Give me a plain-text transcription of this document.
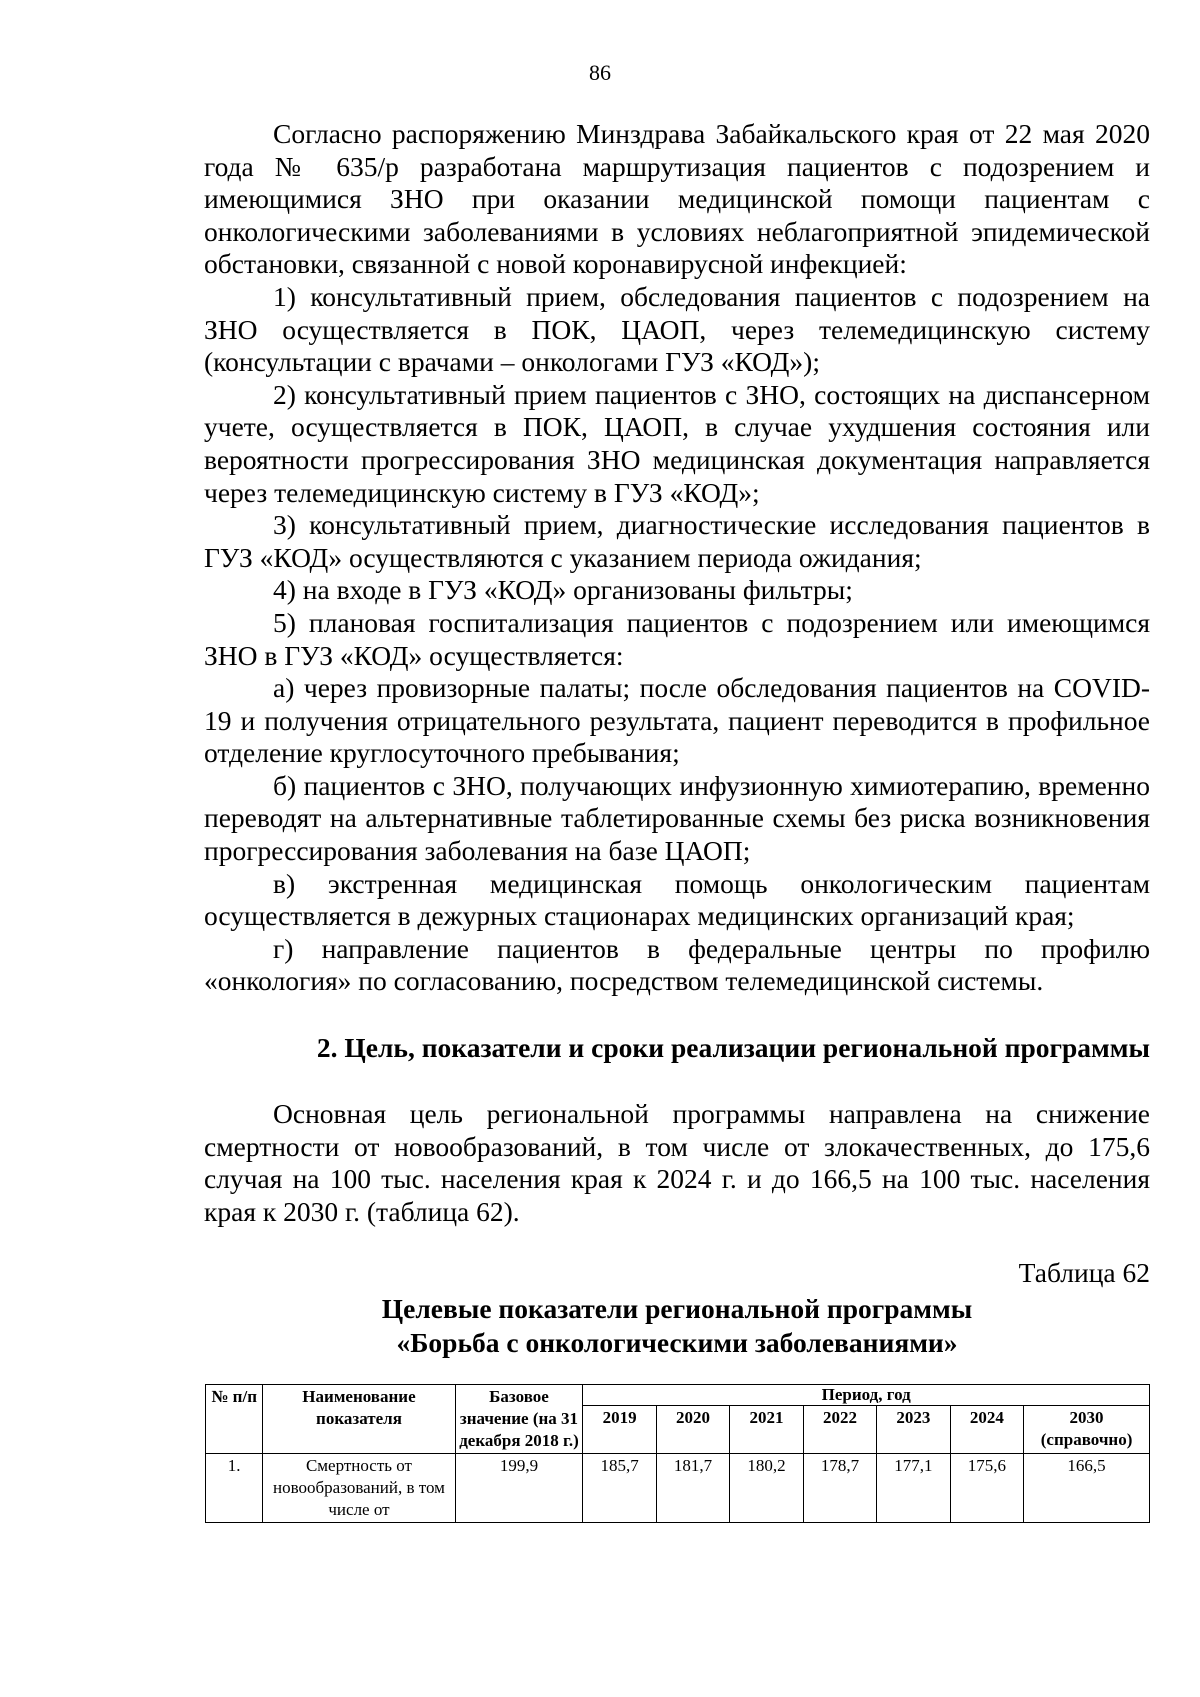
86

Согласно распоряжению Минздрава Забайкальского края от 22 мая 2020 года № 635/р разработана маршрутизация пациентов с подозрением и имеющимися ЗНО при оказании медицинской помощи пациентам с онкологическими заболеваниями в условиях неблагоприятной эпидемической обстановки, связанной с новой коронавирусной инфекцией:

1) консультативный прием, обследования пациентов с подозрением на ЗНО осуществляется в ПОК, ЦАОП, через телемедицинскую систему (консультации с врачами – онкологами ГУЗ «КОД»);

2) консультативный прием пациентов с ЗНО, состоящих на диспансерном учете, осуществляется в ПОК, ЦАОП, в случае ухудшения состояния или вероятности прогрессирования ЗНО медицинская документация направляется через телемедицинскую систему в ГУЗ «КОД»;

3) консультативный прием, диагностические исследования пациентов в ГУЗ «КОД» осуществляются с указанием периода ожидания;

4) на входе в ГУЗ «КОД» организованы фильтры;

5) плановая госпитализация пациентов с подозрением или имеющимся ЗНО в ГУЗ «КОД» осуществляется:

а) через провизорные палаты; после обследования пациентов на COVID-19 и получения отрицательного результата, пациент переводится в профильное отделение круглосуточного пребывания;

б) пациентов с ЗНО, получающих инфузионную химиотерапию, временно переводят на альтернативные таблетированные схемы без риска возникновения прогрессирования заболевания на базе ЦАОП;

в) экстренная медицинская помощь онкологическим пациентам осуществляется в дежурных стационарах медицинских организаций края;

г) направление пациентов в федеральные центры по профилю «онкология» по согласованию, посредством телемедицинской системы.

2. Цель, показатели и сроки реализации региональной программы

Основная цель региональной программы направлена на снижение смертности от новообразований, в том числе от злокачественных, до 175,6 случая на 100 тыс. населения края к 2024 г. и до 166,5 на 100 тыс. населения края к 2030 г. (таблица 62).

Таблица 62
Целевые показатели региональной программы
«Борьба с онкологическими заболеваниями»
№ п/п	Наименование показателя	Базовое значение (на 31 декабря 2018 г.)	Период, год						
			2019	2020	2021	2022	2023	2024	2030 (справочно)
1.	Смертность от новообразований, в том числе от	199,9	185,7	181,7	180,2	178,7	177,1	175,6	166,5
